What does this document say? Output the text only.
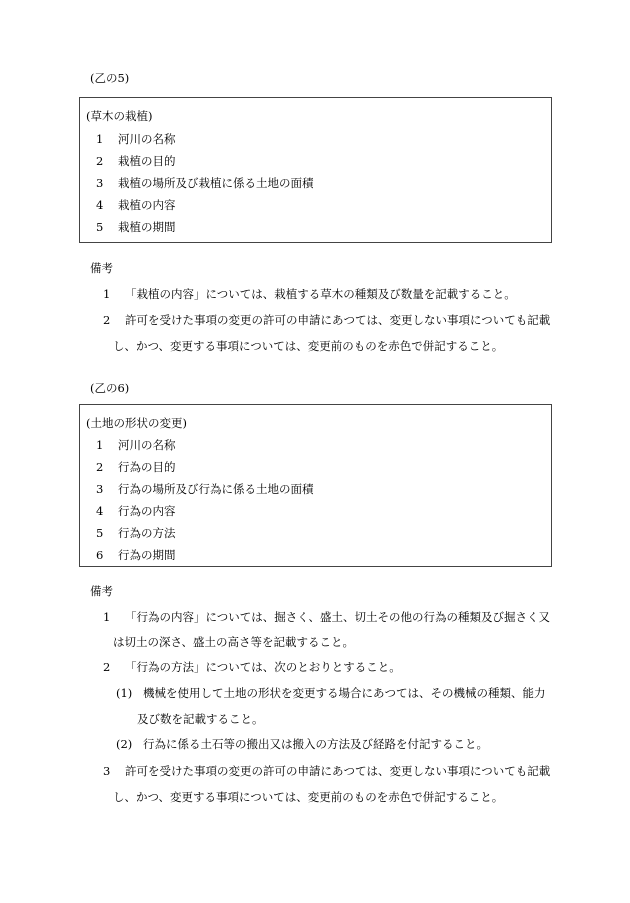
(乙の5)
(草木の栽植)
1 河川の名称
2 栽植の目的
3 栽植の場所及び栽植に係る土地の面積
4 栽植の内容
5 栽植の期間
備考
1 「栽植の内容」については、栽植する草木の種類及び数量を記載すること。
2 許可を受けた事項の変更の許可の申請にあつては、変更しない事項についても記載
し、かつ、変更する事項については、変更前のものを赤色で併記すること。
(乙の6)
(土地の形状の変更)
1 河川の名称
2 行為の目的
3 行為の場所及び行為に係る土地の面積
4 行為の内容
5 行為の方法
6 行為の期間
備考
1 「行為の内容」については、掘さく、盛土、切土その他の行為の種類及び掘さく又
は切土の深さ、盛土の高さ等を記載すること。
2 「行為の方法」については、次のとおりとすること。
(1) 機械を使用して土地の形状を変更する場合にあつては、その機械の種類、能力
及び数を記載すること。
(2) 行為に係る土石等の搬出又は搬入の方法及び経路を付記すること。
3 許可を受けた事項の変更の許可の申請にあつては、変更しない事項についても記載
し、かつ、変更する事項については、変更前のものを赤色で併記すること。
